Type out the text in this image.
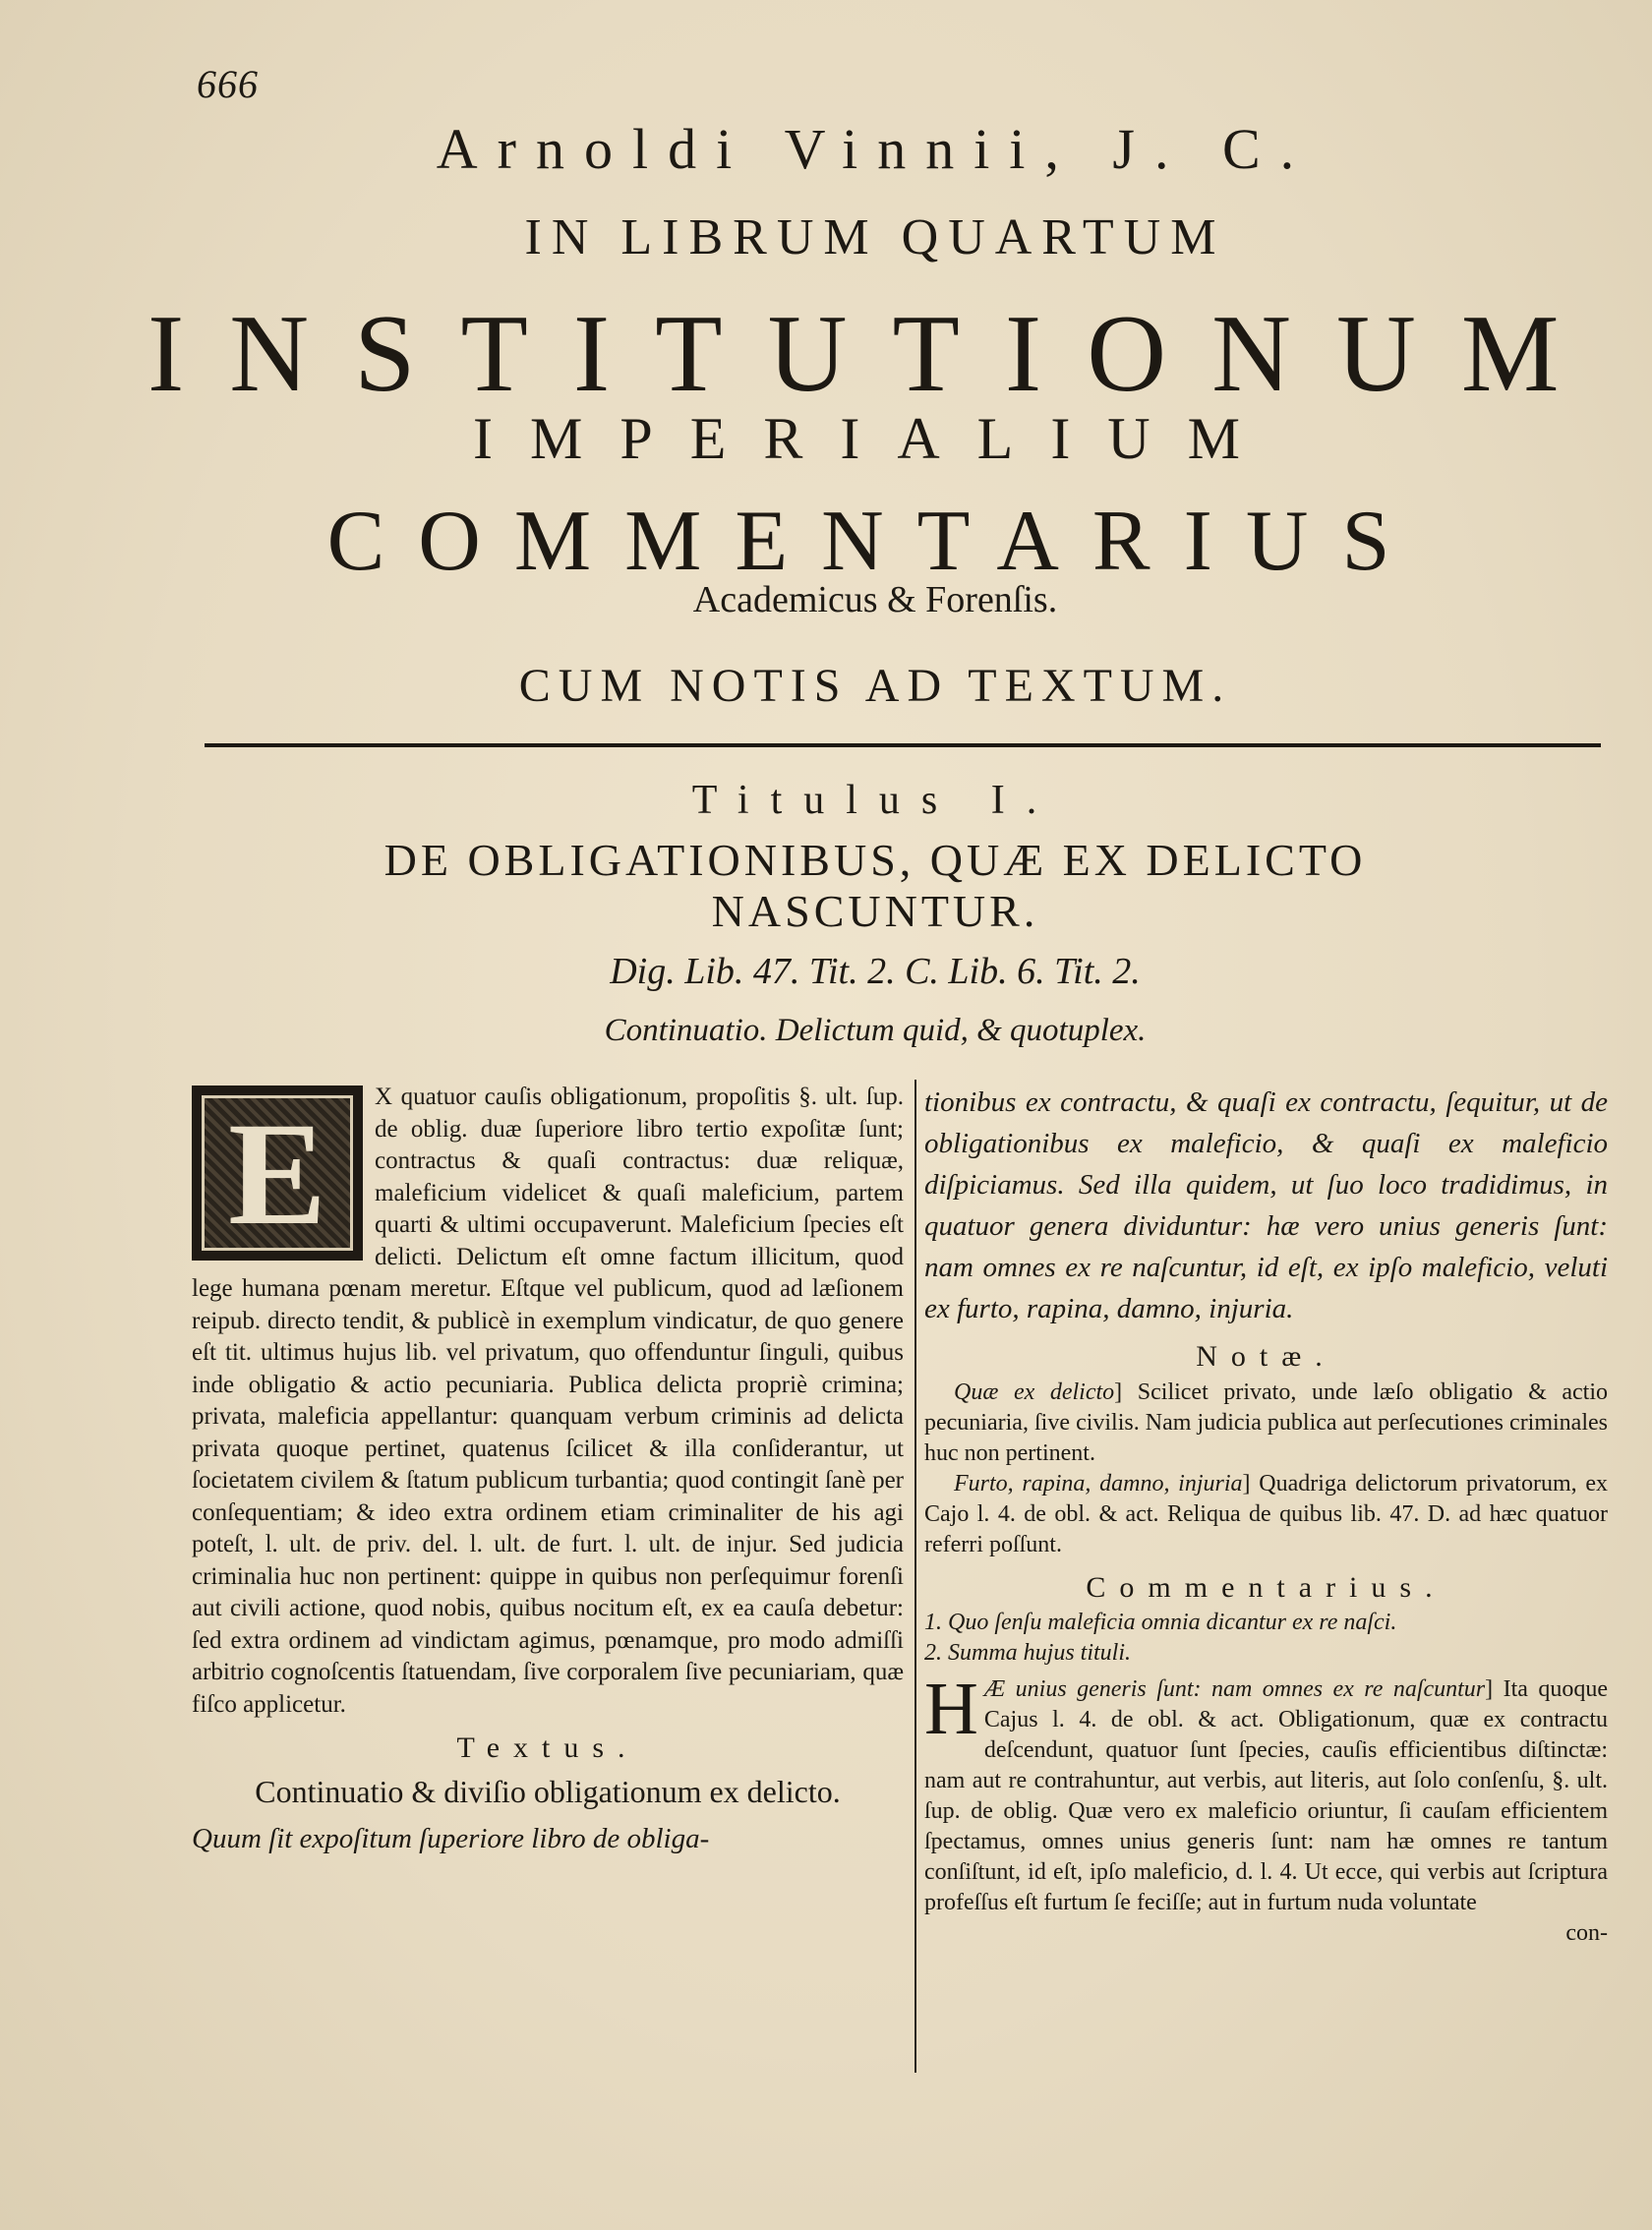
666
Arnoldi Vinnii, J. C.
IN LIBRUM QUARTUM
INSTITUTIONUM
IMPERIALIUM
COMMENTARIUS
Academicus & Forenſis.
CUM NOTIS AD TEXTUM.
Titulus I.
DE OBLIGATIONIBUS, QUÆ EX DELICTO
NASCUNTUR.
Dig. Lib. 47. Tit. 2. C. Lib. 6. Tit. 2.
Continuatio. Delictum quid, & quotuplex.
E	X quatuor cauſis obligationum, propoſitis §. ult. ſup. de oblig. duæ ſuperiore libro tertio expoſitæ ſunt; contractus & quaſi contractus: duæ reliquæ, maleficium videlicet & quaſi maleficium, partem quarti & ultimi occupaverunt. Maleficium ſpecies eſt delicti. Delictum eſt omne factum illicitum, quod lege humana pœnam meretur. Eſtque vel publicum, quod ad læſionem reipub. directo tendit, & publicè in exemplum vindicatur, de quo genere eſt tit. ultimus hujus lib. vel privatum, quo offenduntur ſinguli, quibus inde obligatio & actio pecuniaria. Publica delicta propriè crimina; privata, maleficia appellantur: quanquam verbum criminis ad delicta privata quoque pertinet, quatenus ſcilicet & illa conſiderantur, ut ſocietatem civilem & ſtatum publicum turbantia; quod contingit ſanè per conſequentiam; & ideo extra ordinem etiam criminaliter de his agi poteſt, l. ult. de priv. del. l. ult. de furt. l. ult. de injur. Sed judicia criminalia huc non pertinent: quippe in quibus non perſequimur forenſi aut civili actione, quod nobis, quibus nocitum eſt, ex ea cauſa debetur: ſed extra ordinem ad vindictam agimus, pœnamque, pro modo admiſſi arbitrio cognoſcentis ſtatuendam, ſive corporalem ſive pecuniariam, quæ fiſco applicetur.

Textus.
Continuatio & diviſio obligationum ex delicto.

Quum ſit expoſitum ſuperiore libro de obliga-

tionibus ex contractu, & quaſi ex contractu, ſequitur, ut de obligationibus ex maleficio, & quaſi ex maleficio diſpiciamus. Sed illa quidem, ut ſuo loco tradidimus, in quatuor genera dividuntur: hæ vero unius generis ſunt: nam omnes ex re naſcuntur, id eſt, ex ipſo maleficio, veluti ex furto, rapina, damno, injuria.

Notæ.

Quæ ex delicto] Scilicet privato, unde læſo obligatio & actio pecuniaria, ſive civilis. Nam judicia publica aut perſecutiones criminales huc non pertinent.

Furto, rapina, damno, injuria] Quadriga delictorum privatorum, ex Cajo l. 4. de obl. & act. Reliqua de quibus lib. 47. D. ad hæc quatuor referri poſſunt.

Commentarius.

1. Quo ſenſu maleficia omnia dicantur ex re naſci.

2. Summa hujus tituli.

H Æ unius generis ſunt: nam omnes ex re naſcuntur] Ita quoque Cajus l. 4. de obl. & act. Obligationum, quæ ex contractu deſcendunt, quatuor ſunt ſpecies, cauſis efficientibus diſtinctæ: nam aut re contrahuntur, aut verbis, aut literis, aut ſolo conſenſu, §. ult. ſup. de oblig. Quæ vero ex maleficio oriuntur, ſi cauſam efficientem ſpectamus, omnes unius generis ſunt: nam hæ omnes re tantum conſiſtunt, id eſt, ipſo maleficio, d. l. 4. Ut ecce, qui verbis aut ſcriptura profeſſus eſt furtum ſe feciſſe; aut in furtum nuda voluntate

con-
